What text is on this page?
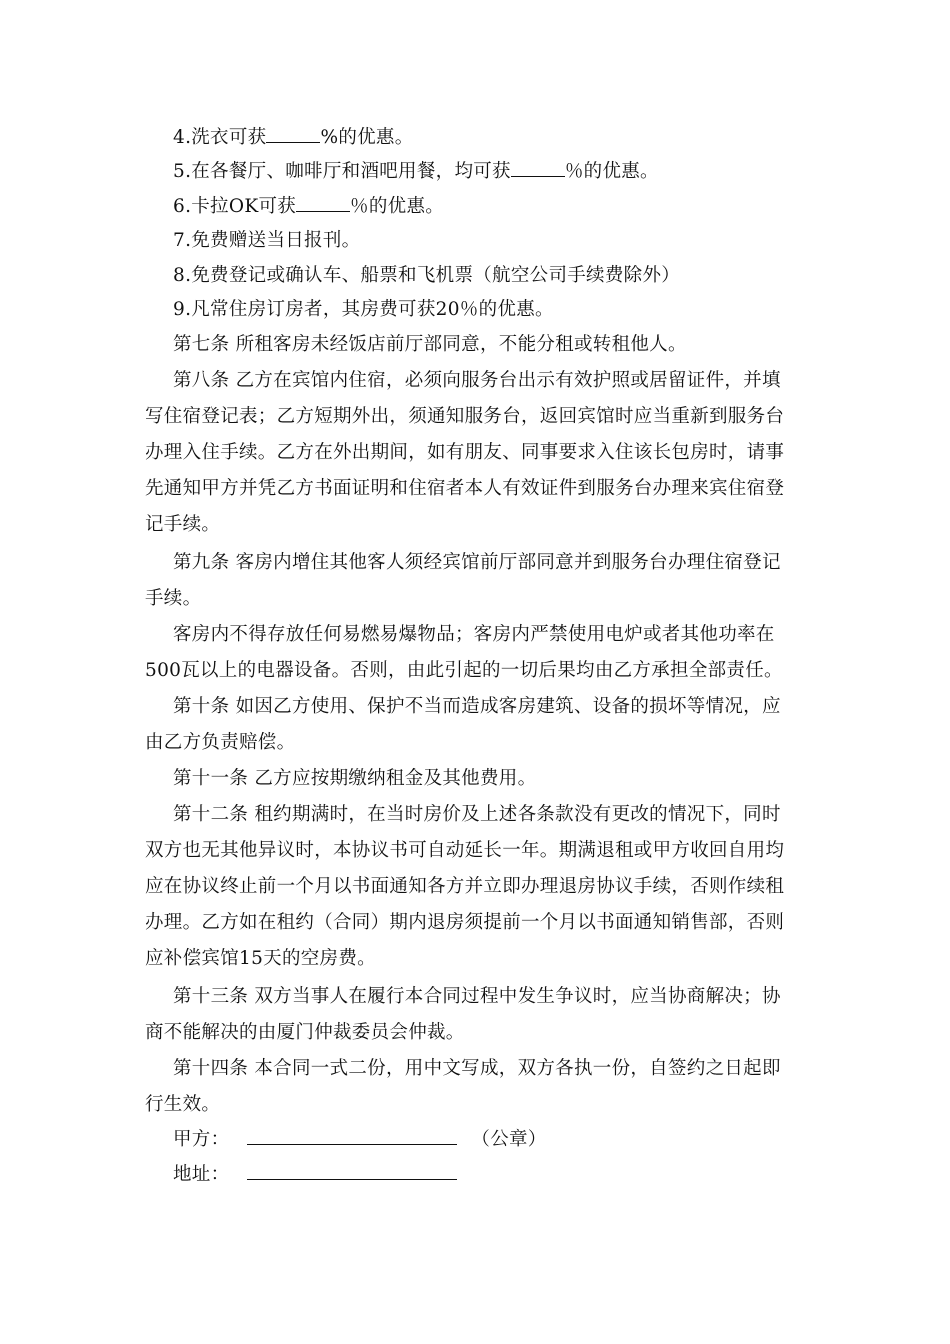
4.洗衣可获	%的优惠。
5.在各餐厅、咖啡厅和酒吧用餐，均可获	％的优惠。
6.卡拉OK可获	％的优惠。
7.免费赠送当日报刊。
8.免费登记或确认车、船票和飞机票（航空公司手续费除外）
9.凡常住房订房者，其房费可获20％的优惠。
第七条 所租客房未经饭店前厅部同意，不能分租或转租他人。
第八条 乙方在宾馆内住宿，必须向服务台出示有效护照或居留证件，并填
写住宿登记表；乙方短期外出，须通知服务台，返回宾馆时应当重新到服务台
办理入住手续。乙方在外出期间，如有朋友、同事要求入住该长包房时，请事
先通知甲方并凭乙方书面证明和住宿者本人有效证件到服务台办理来宾住宿登
记手续。
第九条 客房内增住其他客人须经宾馆前厅部同意并到服务台办理住宿登记
手续。
客房内不得存放任何易燃易爆物品；客房内严禁使用电炉或者其他功率在
500瓦以上的电器设备。否则，由此引起的一切后果均由乙方承担全部责任。
第十条 如因乙方使用、保护不当而造成客房建筑、设备的损坏等情况，应
由乙方负责赔偿。
第十一条 乙方应按期缴纳租金及其他费用。
第十二条 租约期满时，在当时房价及上述各条款没有更改的情况下，同时
双方也无其他异议时，本协议书可自动延长一年。期满退租或甲方收回自用均
应在协议终止前一个月以书面通知各方并立即办理退房协议手续，否则作续租
办理。乙方如在租约（合同）期内退房须提前一个月以书面通知销售部，否则
应补偿宾馆15天的空房费。
第十三条 双方当事人在履行本合同过程中发生争议时，应当协商解决；协
商不能解决的由厦门仲裁委员会仲裁。
第十四条 本合同一式二份，用中文写成，双方各执一份，自签约之日起即
行生效。
甲方：	（公章）
地址：
